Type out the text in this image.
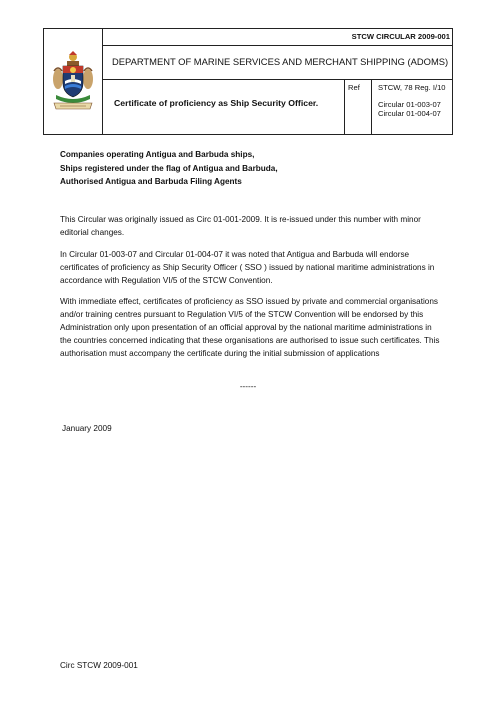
STCW CIRCULAR 2009-001
DEPARTMENT OF MARINE SERVICES AND MERCHANT SHIPPING (ADOMS)
Certificate of proficiency as Ship Security Officer.
Ref STCW, 78 Reg. I/10
Circular 01-003-07
Circular 01-004-07
Companies operating Antigua and Barbuda ships,
Ships registered under the flag of Antigua and Barbuda,
Authorised Antigua and Barbuda Filing Agents
This Circular was originally issued as Circ 01-001-2009. It is re-issued under this number with minor editorial changes.
In Circular 01-003-07 and Circular 01-004-07 it was noted that Antigua and Barbuda will endorse certificates of proficiency as Ship Security Officer ( SSO ) issued by national maritime administrations in accordance with Regulation VI/5 of the STCW Convention.
With immediate effect, certificates of proficiency as SSO issued by private and commercial organisations and/or training centres pursuant to Regulation VI/5 of the STCW Convention will be endorsed by this Administration only upon presentation of an official approval by the national maritime administrations in the countries concerned indicating that these organisations are authorised to issue such certificates. This authorisation must accompany the certificate during the initial submission of applications
------
January 2009
Circ STCW 2009-001
